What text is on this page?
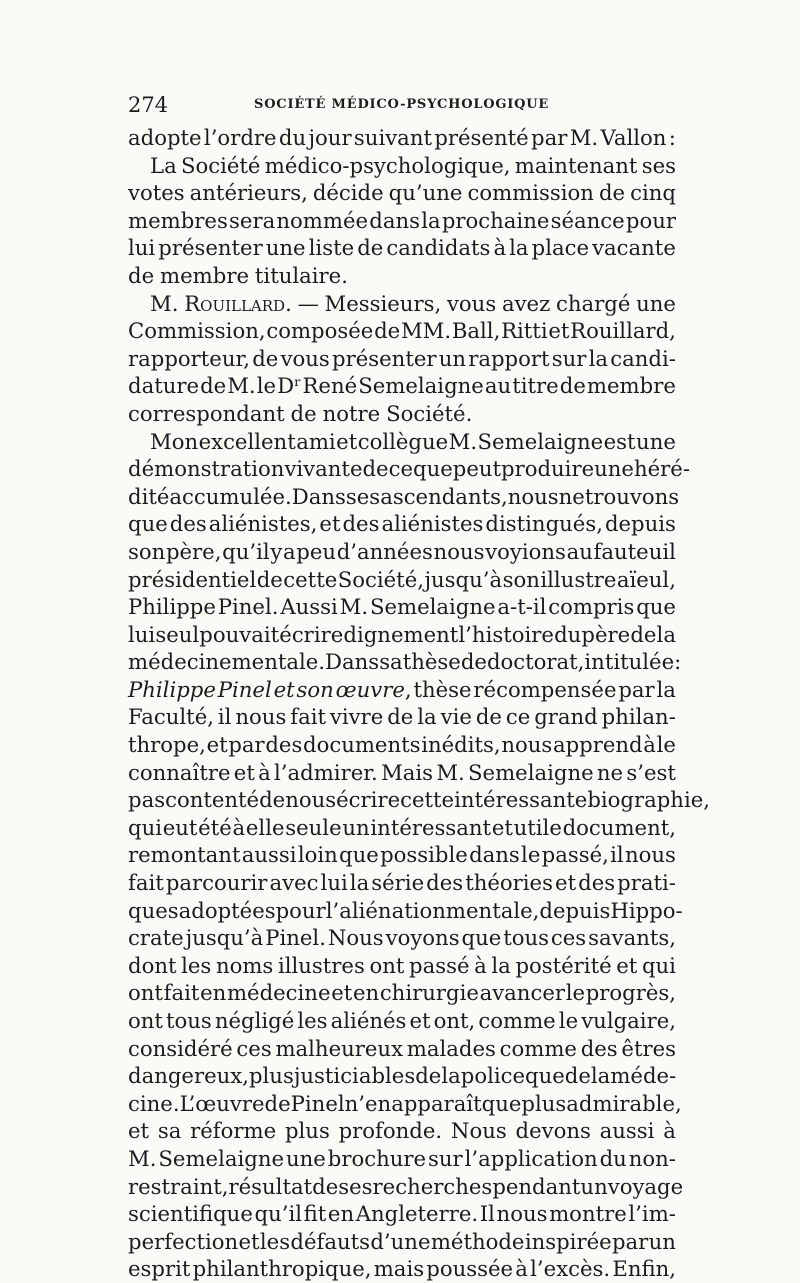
274	SOCIÉTÉ MÉDICO-PSYCHOLOGIQUE
adopte l’ordre du jour suivant présenté par M. Vallon :
La Société médico-psychologique, maintenant ses
votes antérieurs, décide qu’une commission de cinq
membres sera nommée dans la prochaine séance pour
lui présenter une liste de candidats à la place vacante
de membre titulaire.
M. Rouillard. — Messieurs, vous avez chargé une
Commission, composée de MM. Ball, Ritti et Rouillard,
rapporteur, de vous présenter un rapport sur la candi-
dature de M. le Dʳ René Semelaigne au titre de membre
correspondant de notre Société.
Mon excellent ami et collègue M. Semelaigne est une
démonstration vivante de ce que peut produire une héré-
dité accumulée. Dans ses ascendants, nous ne trouvons
que des aliénistes, et des aliénistes distingués, depuis
son père, qu’il y a peu d’années nous voyions au fauteuil
présidentiel de cette Société, jusqu’à son illustre aïeul,
Philippe Pinel. Aussi M. Semelaigne a-t-il compris que
lui seul pouvait écrire dignement l’histoire du père de la
médecine mentale. Dans sa thèse de doctorat, intitulée :
Philippe Pinel et son œuvre, thèse récompensée par la
Faculté, il nous fait vivre de la vie de ce grand philan-
thrope, et par des documents inédits, nous apprend à le
connaître et à l’admirer. Mais M. Semelaigne ne s’est
pas contenté de nous écrire cette intéressante biographie,
qui eut été à elle seule un intéressant et utile document,
remontant aussi loin que possible dans le passé, il nous
fait parcourir avec lui la série des théories et des prati-
ques adoptées pour l’aliénation mentale, depuis Hippo-
crate jusqu’à Pinel. Nous voyons que tous ces savants,
dont les noms illustres ont passé à la postérité et qui
ont fait en médecine et en chirurgie avancer le progrès,
ont tous négligé les aliénés et ont, comme le vulgaire,
considéré ces malheureux malades comme des êtres
dangereux, plus justiciables de la police que de la méde-
cine. L’œuvre de Pinel n’en apparaît que plus admirable,
et sa réforme plus profonde. Nous devons aussi à
M. Semelaigne une brochure sur l’application du non-
restraint, résultat de ses recherches pendant un voyage
scientifique qu’il fit en Angleterre. Il nous montre l’im-
perfection et les défauts d’une méthode inspirée par un
esprit philanthropique, mais poussée à l’excès. Enfin,
